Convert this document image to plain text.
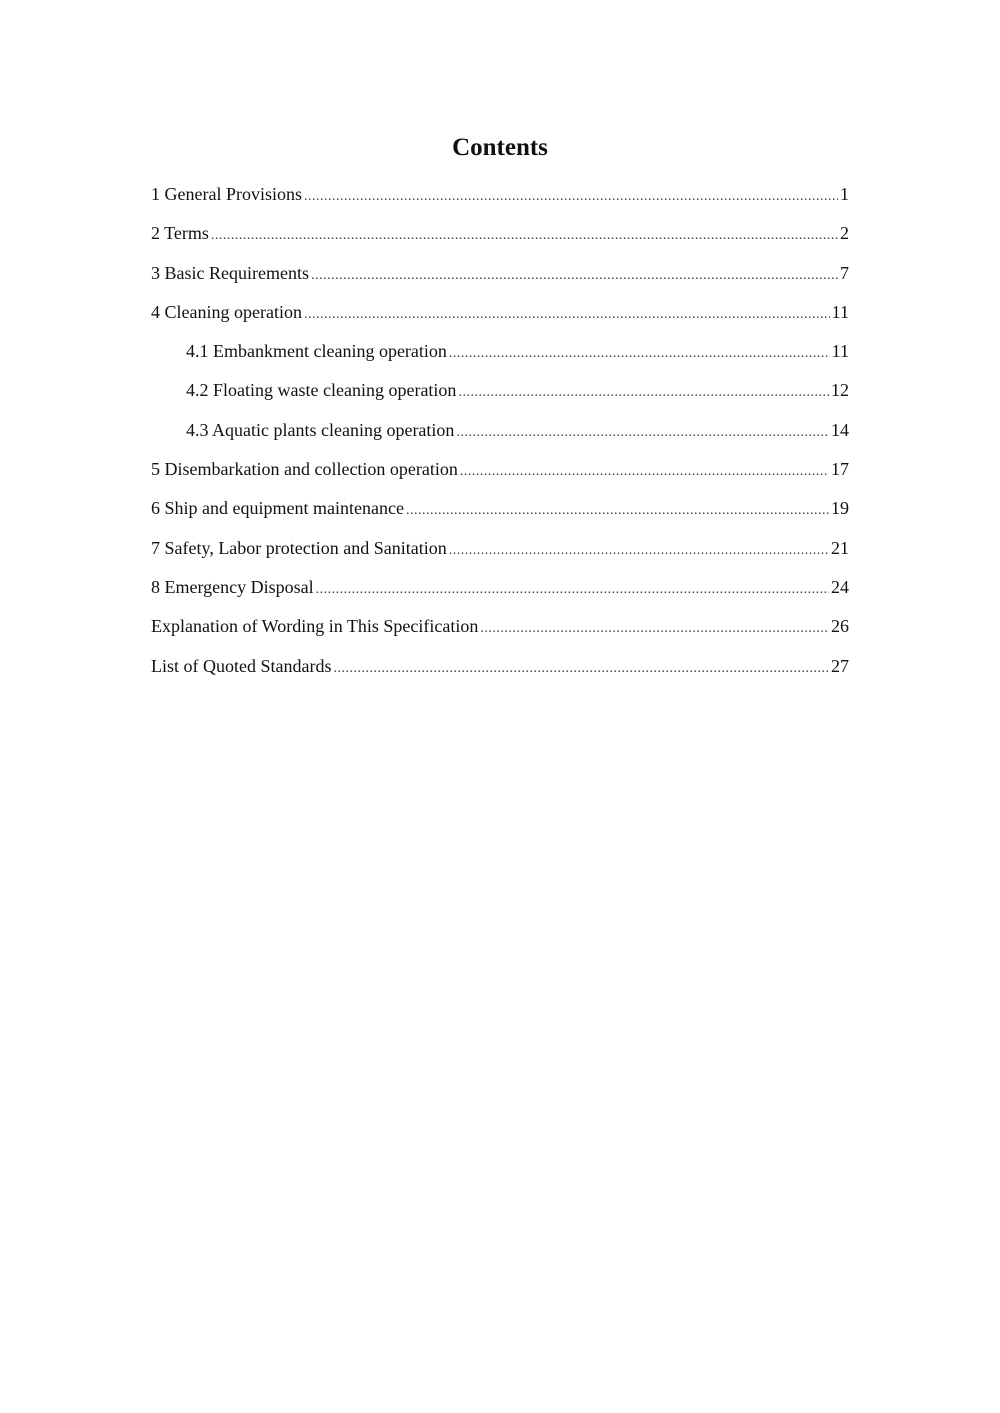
Contents
1 General Provisions .....	1
2 Terms .....	2
3 Basic Requirements .....	7
4 Cleaning operation .....	11
4.1 Embankment cleaning operation .....	11
4.2 Floating waste cleaning operation .....	12
4.3 Aquatic plants cleaning operation .....	14
5 Disembarkation and collection operation .....	17
6 Ship and equipment maintenance .....	19
7 Safety, Labor protection and Sanitation .....	21
8 Emergency Disposal .....	24
Explanation of Wording in This Specification .....	26
List of Quoted Standards .....	27
